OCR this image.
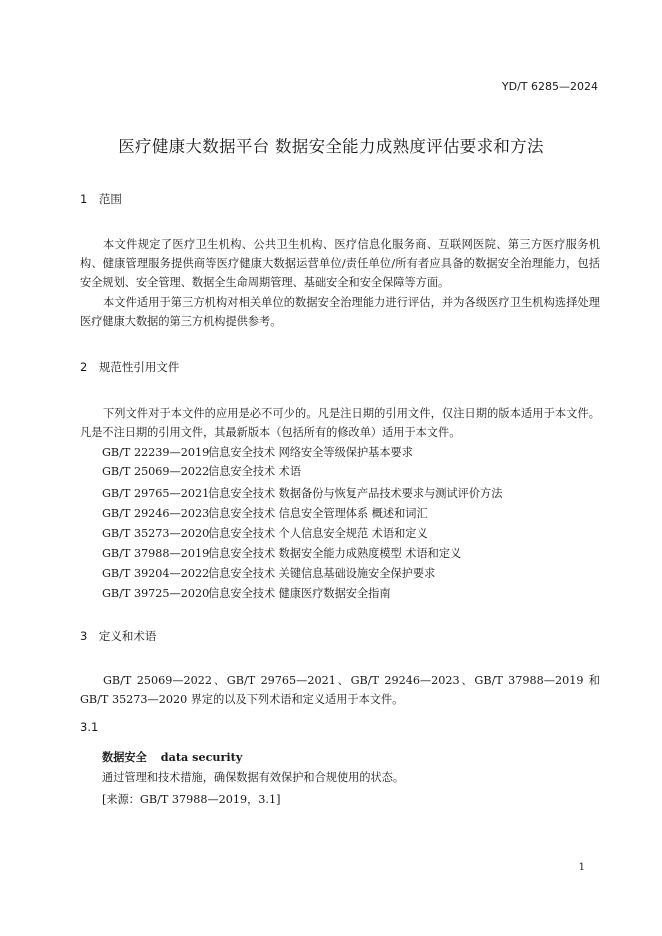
YD/T 6285—2024
医疗健康大数据平台 数据安全能力成熟度评估要求和方法
1　范围
本文件规定了医疗卫生机构、公共卫生机构、医疗信息化服务商、互联网医院、第三方医疗服务机构、健康管理服务提供商等医疗健康大数据运营单位/责任单位/所有者应具备的数据安全治理能力，包括安全规划、安全管理、数据全生命周期管理、基础安全和安全保障等方面。
本文件适用于第三方机构对相关单位的数据安全治理能力进行评估，并为各级医疗卫生机构选择处理医疗健康大数据的第三方机构提供参考。
2　规范性引用文件
下列文件对于本文件的应用是必不可少的。凡是注日期的引用文件，仅注日期的版本适用于本文件。凡是不注日期的引用文件，其最新版本（包括所有的修改单）适用于本文件。
GB/T 22239—2019信息安全技术 网络安全等级保护基本要求
GB/T 25069—2022信息安全技术 术语
GB/T 29765—2021信息安全技术 数据备份与恢复产品技术要求与测试评价方法
GB/T 29246—2023信息安全技术 信息安全管理体系 概述和词汇
GB/T 35273—2020信息安全技术 个人信息安全规范 术语和定义
GB/T 37988—2019信息安全技术 数据安全能力成熟度模型 术语和定义
GB/T 39204—2022信息安全技术 关键信息基础设施安全保护要求
GB/T 39725—2020信息安全技术 健康医疗数据安全指南
3　定义和术语
GB/T 25069—2022、GB/T 29765—2021、GB/T 29246—2023、GB/T 37988—2019 和 GB/T 35273—2020 界定的以及下列术语和定义适用于本文件。
3.1
数据安全 data security
通过管理和技术措施，确保数据有效保护和合规使用的状态。
[来源：GB/T 37988—2019，3.1]
1
